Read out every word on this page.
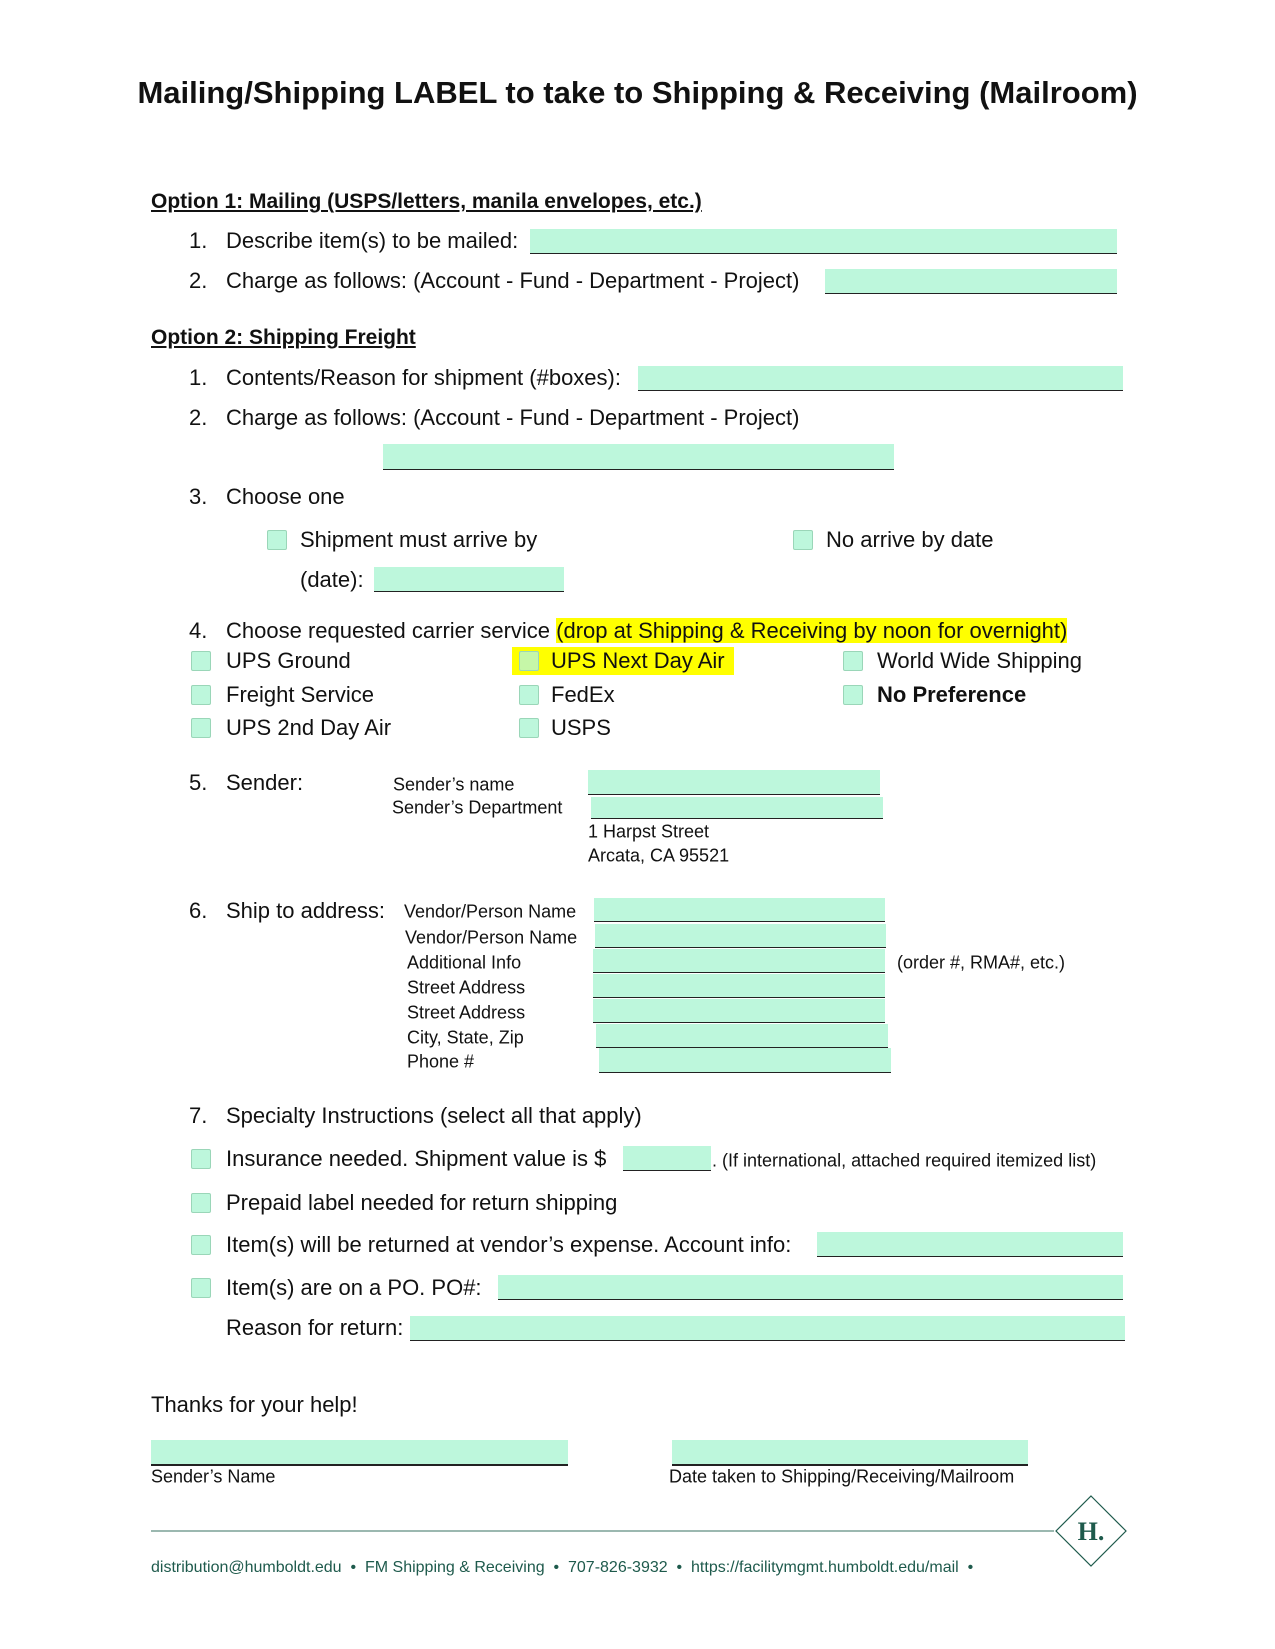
Mailing/Shipping LABEL to take to Shipping & Receiving (Mailroom)
Option 1: Mailing (USPS/letters, manila envelopes, etc.)
1. Describe item(s) to be mailed:
2. Charge as follows: (Account - Fund - Department - Project)
Option 2: Shipping Freight
1. Contents/Reason for shipment (#boxes):
2. Charge as follows: (Account - Fund - Department - Project)
3. Choose one
Shipment must arrive by	No arrive by date
(date):
4. Choose requested carrier service (drop at Shipping & Receiving by noon for overnight)
UPS Ground	UPS Next Day Air	World Wide Shipping
Freight Service	FedEx	No Preference
UPS 2nd Day Air	USPS
5. Sender:	Sender’s name
Sender’s Department
1 Harpst Street
Arcata, CA 95521
6. Ship to address: Vendor/Person Name
Vendor/Person Name
Additional Info	(order #, RMA#, etc.)
Street Address
Street Address
City, State, Zip
Phone #
7. Specialty Instructions (select all that apply)
Insurance needed. Shipment value is $	. (If international, attached required itemized list)
Prepaid label needed for return shipping
Item(s) will be returned at vendor’s expense. Account info:
Item(s) are on a PO. PO#:
Reason for return:
Thanks for your help!
Sender’s Name	Date taken to Shipping/Receiving/Mailroom
H.
distribution@humboldt.edu • FM Shipping & Receiving • 707-826-3932 • https://facilitymgmt.humboldt.edu/mail •
